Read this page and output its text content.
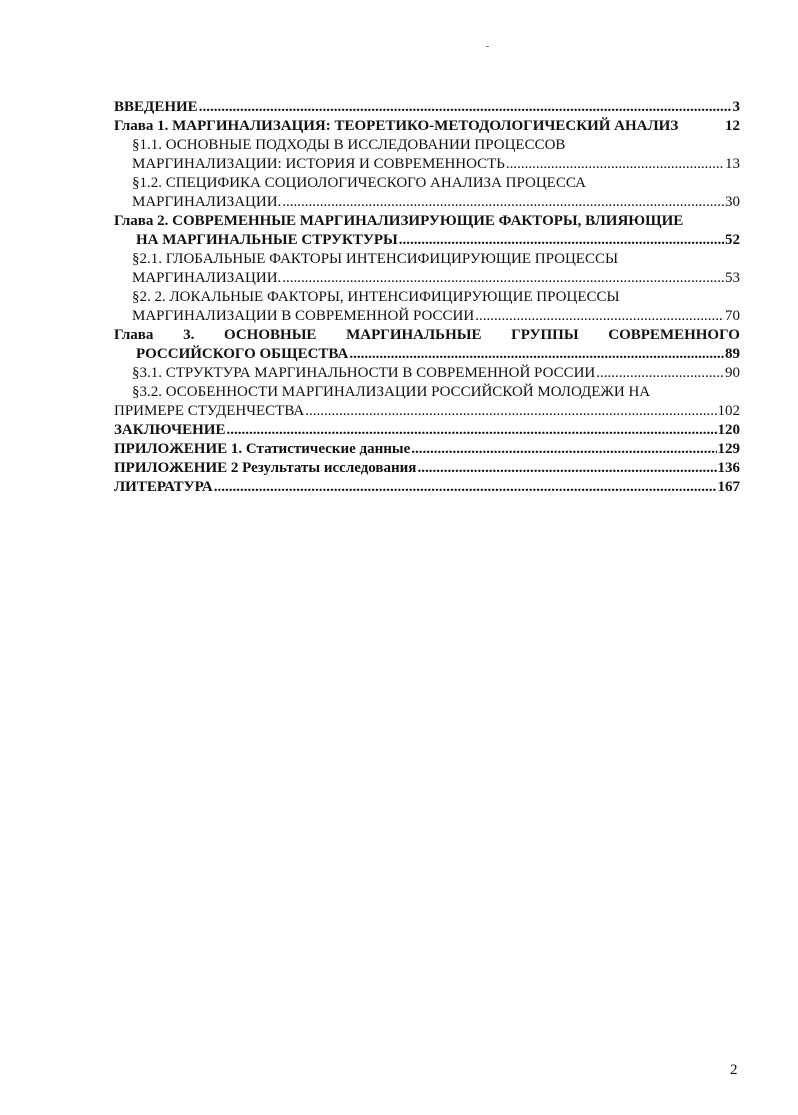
-
ВВЕДЕНИЕ .....	3
Глава 1. МАРГИНАЛИЗАЦИЯ: ТЕОРЕТИКО-МЕТОДОЛОГИЧЕСКИЙ АНАЛИЗ	12
§1.1. ОСНОВНЫЕ ПОДХОДЫ В ИССЛЕДОВАНИИ ПРОЦЕССОВ
МАРГИНАЛИЗАЦИИ: ИСТОРИЯ И СОВРЕМЕННОСТЬ .....	13
§1.2. СПЕЦИФИКА СОЦИОЛОГИЧЕСКОГО АНАЛИЗА ПРОЦЕССА
МАРГИНАЛИЗАЦИИ. .....	30
Глава 2. СОВРЕМЕННЫЕ МАРГИНАЛИЗИРУЮЩИЕ ФАКТОРЫ, ВЛИЯЮЩИЕ
НА МАРГИНАЛЬНЫЕ СТРУКТУРЫ .....	52
§2.1. ГЛОБАЛЬНЫЕ ФАКТОРЫ ИНТЕНСИФИЦИРУЮЩИЕ ПРОЦЕССЫ
МАРГИНАЛИЗАЦИИ. .....	53
§2. 2. ЛОКАЛЬНЫЕ ФАКТОРЫ, ИНТЕНСИФИЦИРУЮЩИЕ ПРОЦЕССЫ
МАРГИНАЛИЗАЦИИ В СОВРЕМЕННОЙ РОССИИ .....	70
Глава 3. ОСНОВНЫЕ МАРГИНАЛЬНЫЕ ГРУППЫ СОВРЕМЕННОГО
РОССИЙСКОГО ОБЩЕСТВА .....	89
§3.1. СТРУКТУРА МАРГИНАЛЬНОСТИ В СОВРЕМЕННОЙ РОССИИ .....	90
§3.2. ОСОБЕННОСТИ МАРГИНАЛИЗАЦИИ РОССИЙСКОЙ МОЛОДЕЖИ НА
ПРИМЕРЕ СТУДЕНЧЕСТВА .....	102
ЗАКЛЮЧЕНИЕ .....	120
ПРИЛОЖЕНИЕ 1. Статистические данные .....	129
ПРИЛОЖЕНИЕ 2 Результаты исследования .....	136
ЛИТЕРАТУРА .....	167
2
